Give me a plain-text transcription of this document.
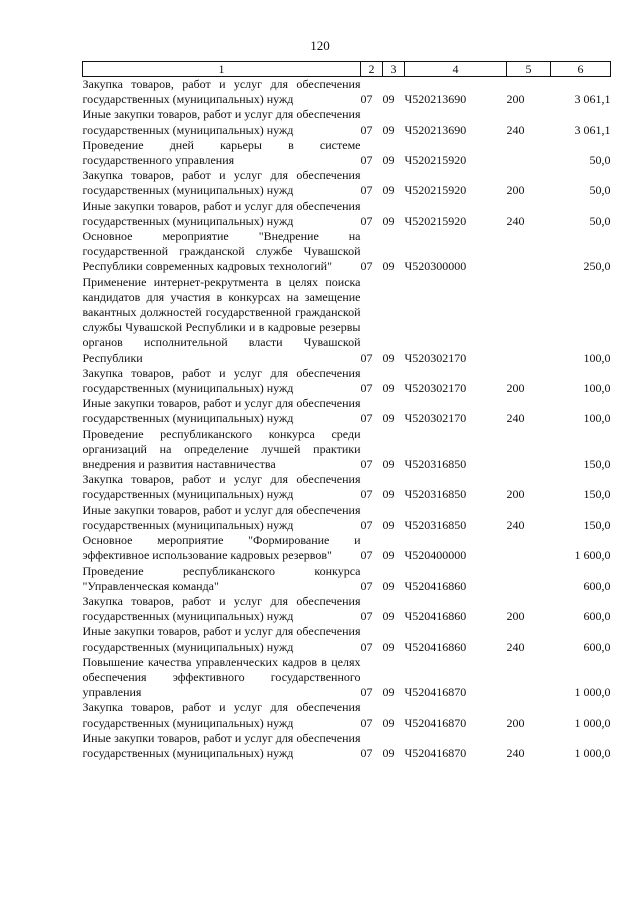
120
1	2	3	4	5	6
Закупка товаров, работ и услуг для обеспечения государственных (муниципальных) нужд	07	09	Ч520213690	200	3 061,1
Иные закупки товаров, работ и услуг для обеспечения государственных (муниципальных) нужд	07	09	Ч520213690	240	3 061,1
Проведение дней карьеры в системе государственного управления	07	09	Ч520215920		50,0
Закупка товаров, работ и услуг для обеспечения государственных (муниципальных) нужд	07	09	Ч520215920	200	50,0
Иные закупки товаров, работ и услуг для обеспечения государственных (муниципальных) нужд	07	09	Ч520215920	240	50,0
Основное мероприятие "Внедрение на государственной гражданской службе Чувашской Республики современных кадровых технологий"	07	09	Ч520300000		250,0
Применение интернет-рекрутмента в целях поиска кандидатов для участия в конкурсах на замещение вакантных должностей государственной гражданской службы Чувашской Республики и в кадровые резервы органов исполнительной власти Чувашской Республики	07	09	Ч520302170		100,0
Закупка товаров, работ и услуг для обеспечения государственных (муниципальных) нужд	07	09	Ч520302170	200	100,0
Иные закупки товаров, работ и услуг для обеспечения государственных (муниципальных) нужд	07	09	Ч520302170	240	100,0
Проведение республиканского конкурса среди организаций на определение лучшей практики внедрения и развития наставничества	07	09	Ч520316850		150,0
Закупка товаров, работ и услуг для обеспечения государственных (муниципальных) нужд	07	09	Ч520316850	200	150,0
Иные закупки товаров, работ и услуг для обеспечения государственных (муниципальных) нужд	07	09	Ч520316850	240	150,0
Основное мероприятие "Формирование и эффективное использование кадровых резервов"	07	09	Ч520400000		1 600,0
Проведение республиканского конкурса "Управленческая команда"	07	09	Ч520416860		600,0
Закупка товаров, работ и услуг для обеспечения государственных (муниципальных) нужд	07	09	Ч520416860	200	600,0
Иные закупки товаров, работ и услуг для обеспечения государственных (муниципальных) нужд	07	09	Ч520416860	240	600,0
Повышение качества управленческих кадров в целях обеспечения эффективного государственного управления	07	09	Ч520416870		1 000,0
Закупка товаров, работ и услуг для обеспечения государственных (муниципальных) нужд	07	09	Ч520416870	200	1 000,0
Иные закупки товаров, работ и услуг для обеспечения государственных (муниципальных) нужд	07	09	Ч520416870	240	1 000,0
